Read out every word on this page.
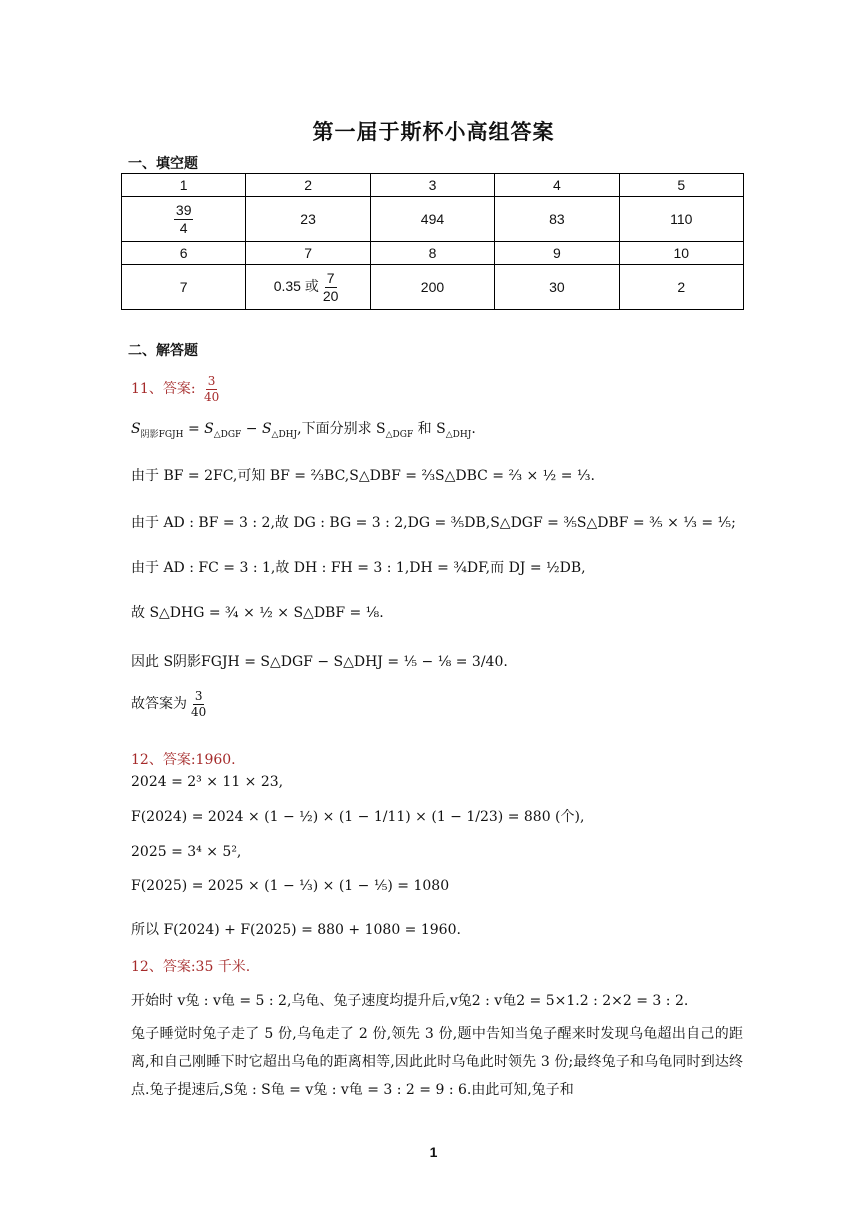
第一届于斯杯小高组答案
一、填空题
1	2	3	4	5

$\frac{39}{4}$	23	494	83	110
6	7	8	9	10
7	0.35 或 $\frac{7}{20}$	200	30	2
二、解答题
11、答案: $\frac{3}{40}$
$S_{阴影FGJH} = S_{\triangle DGF} - S_{\triangle DHJ}$,下面分别求 $S_{\triangle DGF}$ 和 $S_{\triangle DHJ}$.
由于 BF = 2FC,可知 BF = ⅔BC,S△DBF = ⅔S△DBC = ⅔ × ½ = ⅓.
由于 AD : BF = 3 : 2,故 DG : BG = 3 : 2,DG = ⅗DB,S△DGF = ⅗S△DBF = ⅗ × ⅓ = ⅕;
由于 AD : FC = 3 : 1,故 DH : FH = 3 : 1,DH = ¾DF,而 DJ = ½DB,
故 S△DHG = ¾ × ½ × S△DBF = ⅛.
因此 S阴影FGJH = S△DGF − S△DHJ = ⅕ − ⅛ = 3/40.
故答案为 $\frac{3}{40}$
12、答案:1960.
2024 = 2³ × 11 × 23,
F(2024) = 2024 × (1 − ½) × (1 − 1/11) × (1 − 1/23) = 880 (个),
2025 = 3⁴ × 5²,
F(2025) = 2025 × (1 − ⅓) × (1 − ⅕) = 1080
所以 F(2024) + F(2025) = 880 + 1080 = 1960.
12、答案:35 千米.
开始时 v兔 : v龟 = 5 : 2,乌龟、兔子速度均提升后,v兔2 : v龟2 = 5×1.2 : 2×2 = 3 : 2.
兔子睡觉时兔子走了 5 份,乌龟走了 2 份,领先 3 份,题中告知当兔子醒来时发现乌龟超出自己的距离,和自己刚睡下时它超出乌龟的距离相等,因此此时乌龟此时领先 3 份;最终兔子和乌龟同时到达终点.兔子提速后,S兔 : S龟 = v兔 : v龟 = 3 : 2 = 9 : 6.由此可知,兔子和
1
